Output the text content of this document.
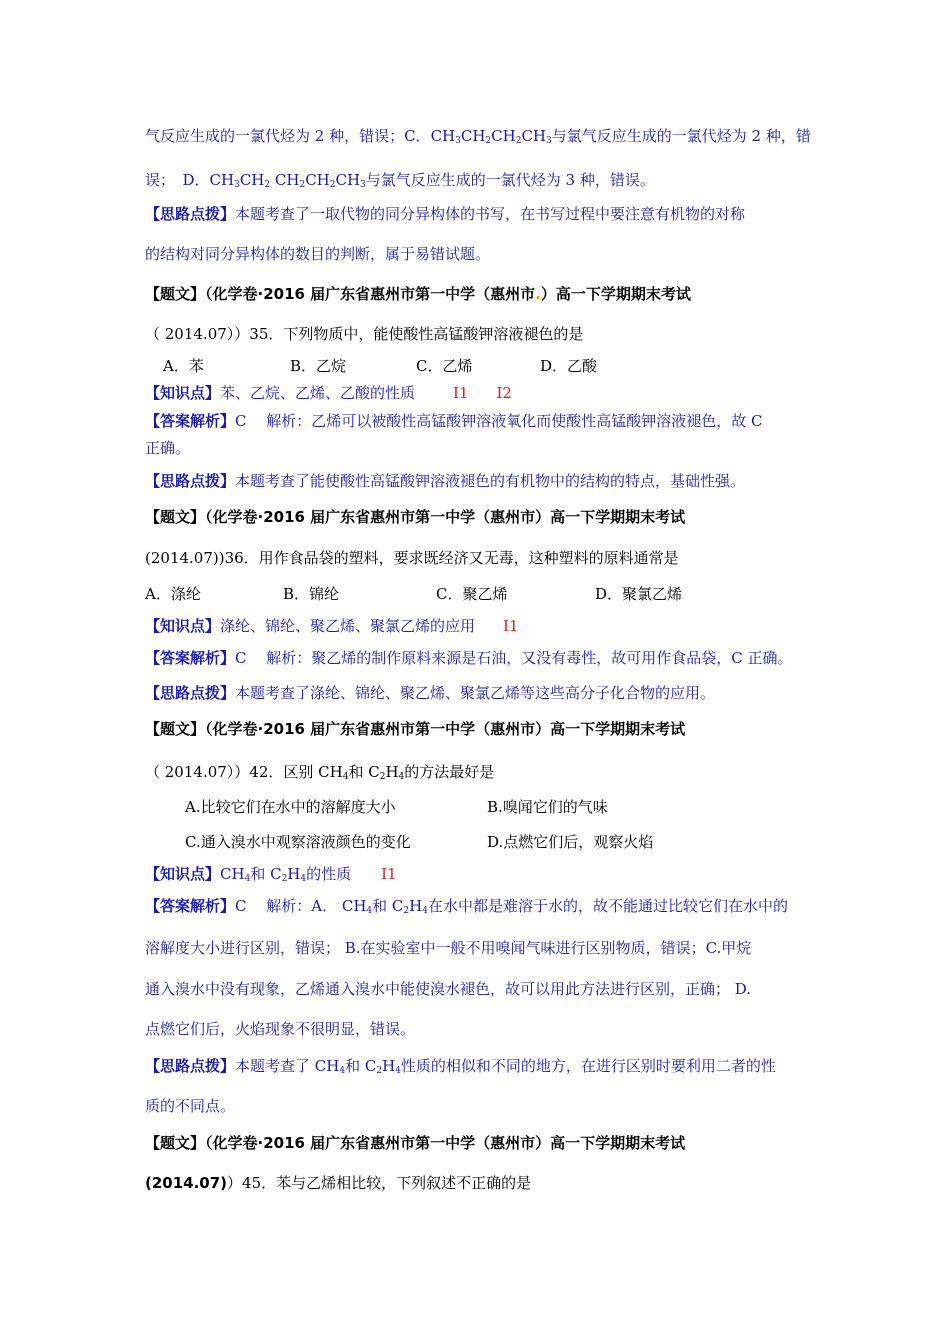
气反应生成的一氯代烃为 2 种，错误；C．$CH_3CH_2CH_2CH_3$与氯气反应生成的一氯代烃为 2 种，错
误；　D．$CH_3CH_2$ $CH_2CH_2CH_3$与氯气反应生成的一氯代烃为 3 种，错误。
【思路点拨】本题考查了一取代物的同分异构体的书写，在书写过程中要注意有机物的对称
的结构对同分异构体的数目的判断，属于易错试题。
【题文】（化学卷·2016 届广东省惠州市第一中学（惠州市.）高一下学期期末考试
（ 2014.07））35．下列物质中，能使酸性高锰酸钾溶液褪色的是
A．苯	B．乙烷	C．乙烯	D．乙酸
【知识点】苯、乙烷、乙烯、乙酸的性质	I1 I2
【答案解析】C　 解析：乙烯可以被酸性高锰酸钾溶液氧化而使酸性高锰酸钾溶液褪色，故 C
正确。
【思路点拨】本题考查了能使酸性高锰酸钾溶液褪色的有机物中的结构的特点，基础性强。
【题文】（化学卷·2016 届广东省惠州市第一中学（惠州市）高一下学期期末考试
(2014.07))36．用作食品袋的塑料，要求既经济又无毒，这种塑料的原料通常是
A．涤纶	B．锦纶	C．聚乙烯	D．聚氯乙烯
【知识点】涤纶、锦纶、聚乙烯、聚氯乙烯的应用 I1
【答案解析】C　 解析：聚乙烯的制作原料来源是石油，又没有毒性，故可用作食品袋，C 正确。
【思路点拨】本题考查了涤纶、锦纶、聚乙烯、聚氯乙烯等这些高分子化合物的应用。
【题文】（化学卷·2016 届广东省惠州市第一中学（惠州市）高一下学期期末考试
（ 2014.07））42．区别 $CH_4$和 $C_2H_4$的方法最好是
A.比较它们在水中的溶解度大小	B.嗅闻它们的气味
C.通入溴水中观察溶液颜色的变化	D.点燃它们后，观察火焰
【知识点】$CH_4$和 $C_2H_4$的性质 I1
【答案解析】C　 解析：A． $CH_4$和 $C_2H_4$在水中都是难溶于水的，故不能通过比较它们在水中的
溶解度大小进行区别，错误； B.在实验室中一般不用嗅闻气味进行区别物质，错误；C.甲烷
通入溴水中没有现象，乙烯通入溴水中能使溴水褪色，故可以用此方法进行区别，正确； D.
点燃它们后，火焰现象不很明显，错误。
【思路点拨】本题考查了 $CH_4$和 $C_2H_4$性质的相似和不同的地方，在进行区别时要利用二者的性
质的不同点。
【题文】（化学卷·2016 届广东省惠州市第一中学（惠州市）高一下学期期末考试
(2014.07)）45．苯与乙烯相比较，下列叙述不正确的是
